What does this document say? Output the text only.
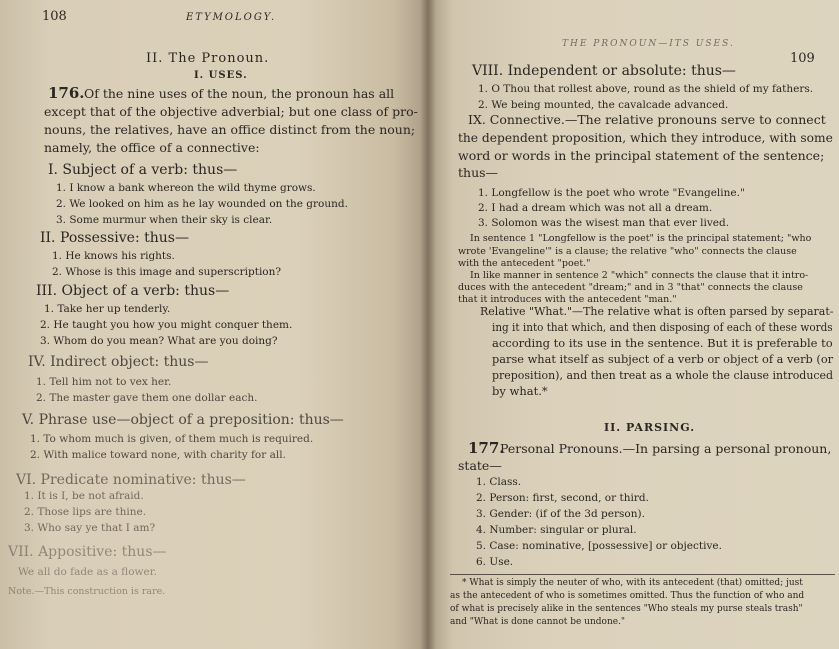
108	ETYMOLOGY.
II. The Pronoun.
I. USES.
176. Of the nine uses of the noun, the pronoun has all
except that of the objective adverbial; but one class of pro-
nouns, the relatives, have an office distinct from the noun;
namely, the office of a connective:
I. Subject of a verb: thus—
1. I know a bank whereon the wild thyme grows.
2. We looked on him as he lay wounded on the ground.
3. Some murmur when their sky is clear.
II. Possessive: thus—
1. He knows his rights.
2. Whose is this image and superscription?
III. Object of a verb: thus—
1. Take her up tenderly.
2. He taught you how you might conquer them.
3. Whom do you mean? What are you doing?
IV. Indirect object: thus—
1. Tell him not to vex her.
2. The master gave them one dollar each.
V. Phrase use—object of a preposition: thus—
1. To whom much is given, of them much is required.
2. With malice toward none, with charity for all.
VI. Predicate nominative: thus—
1. It is I, be not afraid.
2. Those lips are thine.
3. Who say ye that I am?
VII. Appositive: thus—
We all do fade as a flower.
Note.—This construction is rare.
THE PRONOUN—ITS USES.
109
VIII. Independent or absolute: thus—
1. O Thou that rollest above, round as the shield of my fathers.
2. We being mounted, the cavalcade advanced.
IX. Connective.—The relative pronouns serve to connect
the dependent proposition, which they introduce, with some
word or words in the principal statement of the sentence;
thus—
1. Longfellow is the poet who wrote "Evangeline."
2. I had a dream which was not all a dream.
3. Solomon was the wisest man that ever lived.
In sentence 1 "Longfellow is the poet" is the principal statement; "who
wrote 'Evangeline'" is a clause; the relative "who" connects the clause
with the antecedent "poet."
In like manner in sentence 2 "which" connects the clause that it intro-
duces with the antecedent "dream;" and in 3 "that" connects the clause
that it introduces with the antecedent "man."
Relative "What."—The relative what is often parsed by separat-
ing it into that which, and then disposing of each of these words
according to its use in the sentence. But it is preferable to
parse what itself as subject of a verb or object of a verb (or
preposition), and then treat as a whole the clause introduced
by what.*
II. PARSING.
177.
Personal Pronouns.—In parsing a personal pronoun,
state—
1. Class.
2. Person: first, second, or third.
3. Gender: (if of the 3d person).
4. Number: singular or plural.
5. Case: nominative, [possessive] or objective.
6. Use.
* What is simply the neuter of who, with its antecedent (that) omitted; just
as the antecedent of who is sometimes omitted. Thus the function of who and
of what is precisely alike in the sentences "Who steals my purse steals trash"
and "What is done cannot be undone."
